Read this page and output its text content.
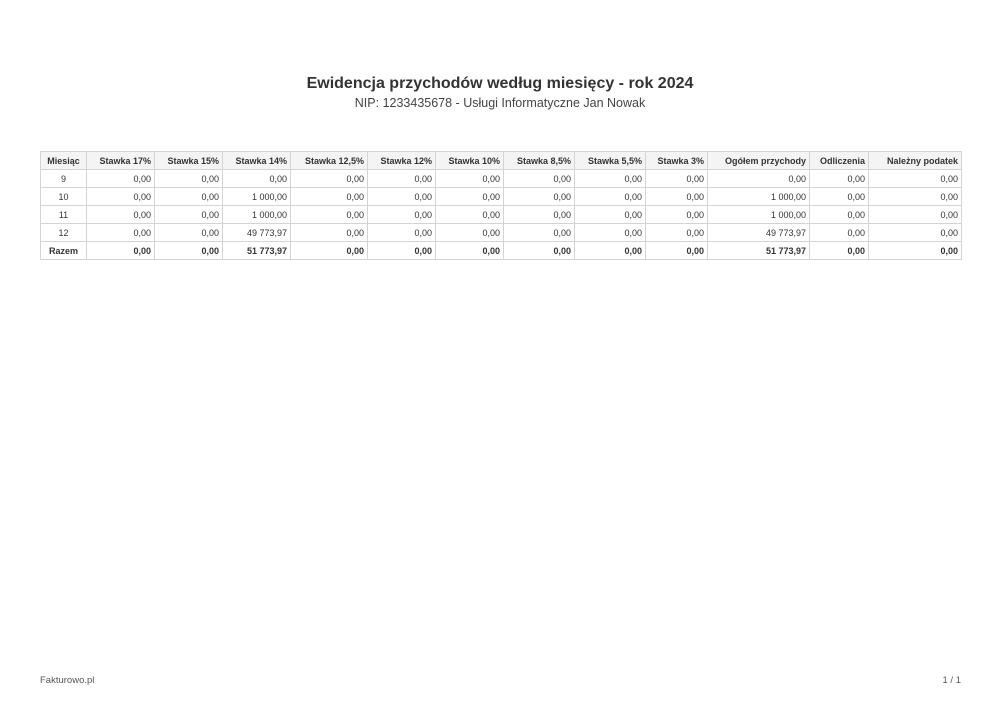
Ewidencja przychodów według miesięcy - rok 2024
NIP: 1233435678 - Usługi Informatyczne Jan Nowak
Miesiąc	Stawka 17%	Stawka 15%	Stawka 14%	Stawka 12,5%	Stawka 12%	Stawka 10%	Stawka 8,5%	Stawka 5,5%	Stawka 3%	Ogółem przychody	Odliczenia	Należny podatek
9	0,00	0,00	0,00	0,00	0,00	0,00	0,00	0,00	0,00	0,00	0,00	0,00
10	0,00	0,00	1 000,00	0,00	0,00	0,00	0,00	0,00	0,00	1 000,00	0,00	0,00
11	0,00	0,00	1 000,00	0,00	0,00	0,00	0,00	0,00	0,00	1 000,00	0,00	0,00
12	0,00	0,00	49 773,97	0,00	0,00	0,00	0,00	0,00	0,00	49 773,97	0,00	0,00
Razem	0,00	0,00	51 773,97	0,00	0,00	0,00	0,00	0,00	0,00	51 773,97	0,00	0,00
Fakturowo.pl	1 / 1
